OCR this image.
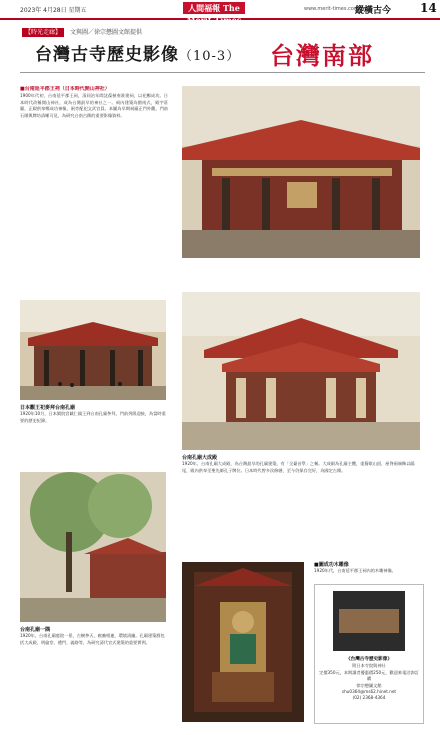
2023年 4月28日 星期五	人間福報 The Merit Times
www.merit-times.com.tw
縱橫古今 14
【時光走廊】 文與圖／徐宗懋圖文館提供
台灣古寺歷史影像（10-3） 台灣南部
■台南延平郡王祠（日本時代開山神社）

1900年代初，台南延平郡王祠，清同治年間沈葆楨奏准建祠，以祀鄭成功。日本時代改稱開山神社，成為台灣最早的神社之一。祠內建築為閩南式，殿宇莊嚴，正殿供奉鄭成功神像，兩旁配祀文武官員。本圖為早期祠廟正門外觀，門前石階與牌坊清晰可見，為研究台南古蹟的重要影像資料。

日本觀王祀麥拜台南孔廟
1920年10月，日本閑院宮載仁親王到台南孔廟參拜，門前列隊迎接，為當時重要的歷史紀錄。
台南孔廟大成殿
1920年，台南孔廟大成殿，為台灣最早的孔廟建築，有「全臺首學」之稱。大成殿為孔廟主體，重簷歇山頂，屋脊兩端飾以鴟尾，殿內供奉至聖先師孔子牌位。日本時代曾多次修繕，至今仍保存完好，為國定古蹟。
台南孔廟一隅
1920年，台南孔廟庭院一景，古樹參天，廊廡相連，環境清幽。孔廟建築群包括大成殿、明倫堂、禮門、義路等，為研究清代官式建築的重要實例。
■圖成功木雕像
1920年代，台南延平郡王祠內的木雕神像。
《台灣古寺歷史影像》
附日本寺院與神社
定價350元，本期讀者優惠價250元，歡迎來電洽詢訂購
徐宗懋圖文館
shu0364@ms62.hinet.net
(02) 2368-4364
